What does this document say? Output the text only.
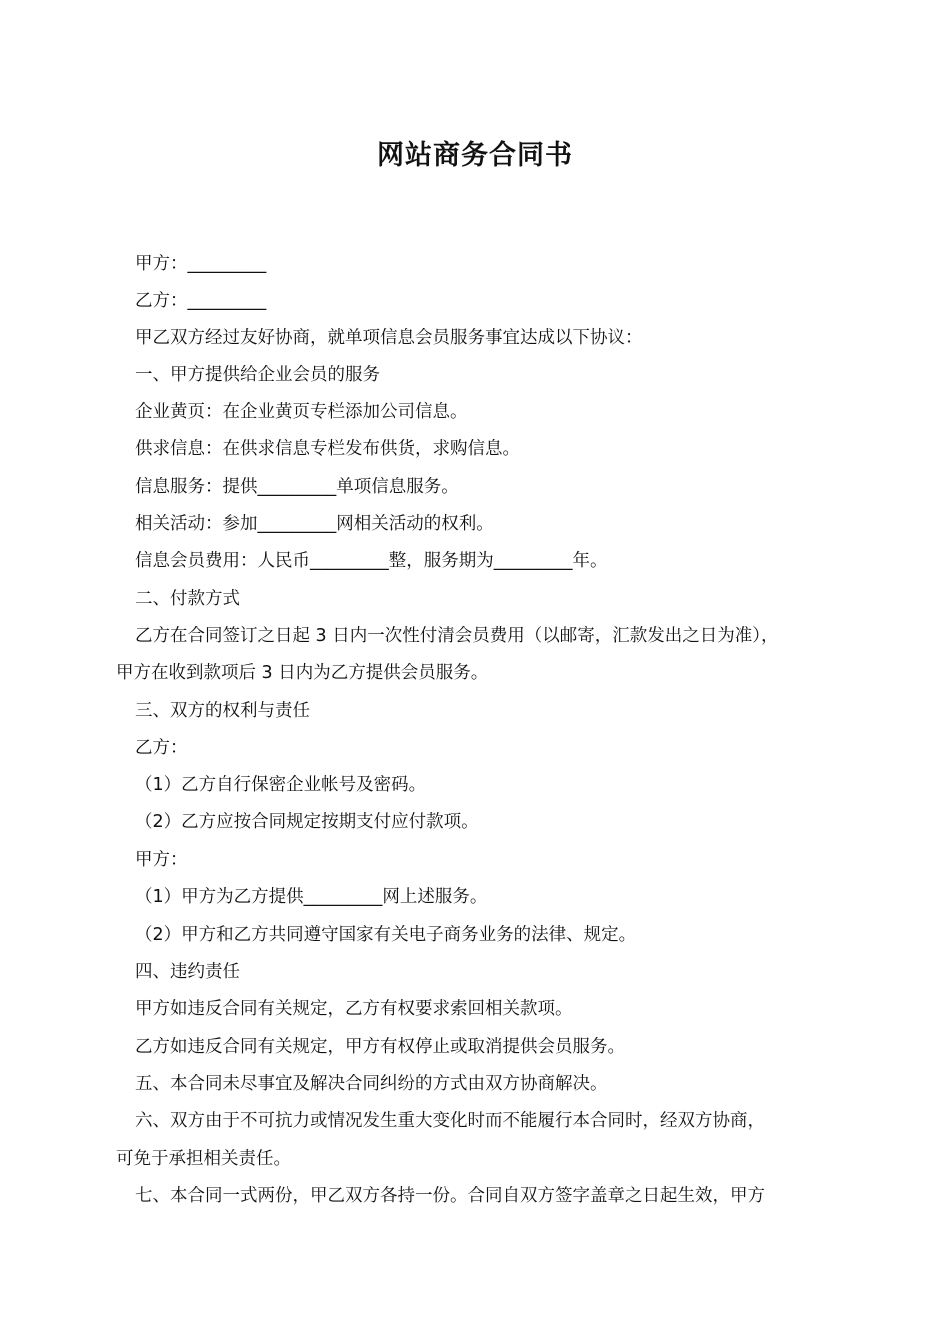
网站商务合同书
甲方：_________
乙方：_________
甲乙双方经过友好协商，就单项信息会员服务事宜达成以下协议：
一、甲方提供给企业会员的服务
企业黄页：在企业黄页专栏添加公司信息。
供求信息：在供求信息专栏发布供货，求购信息。
信息服务：提供_________单项信息服务。
相关活动：参加_________网相关活动的权利。
信息会员费用：人民币_________整，服务期为_________年。
二、付款方式
乙方在合同签订之日起 3 日内一次性付清会员费用（以邮寄，汇款发出之日为准），
甲方在收到款项后 3 日内为乙方提供会员服务。
三、双方的权利与责任
乙方：
（1）乙方自行保密企业帐号及密码。
（2）乙方应按合同规定按期支付应付款项。
甲方：
（1）甲方为乙方提供_________网上述服务。
（2）甲方和乙方共同遵守国家有关电子商务业务的法律、规定。
四、违约责任
甲方如违反合同有关规定，乙方有权要求索回相关款项。
乙方如违反合同有关规定，甲方有权停止或取消提供会员服务。
五、本合同未尽事宜及解决合同纠纷的方式由双方协商解决。
六、双方由于不可抗力或情况发生重大变化时而不能履行本合同时，经双方协商，
可免于承担相关责任。
七、本合同一式两份，甲乙双方各持一份。合同自双方签字盖章之日起生效，甲方
